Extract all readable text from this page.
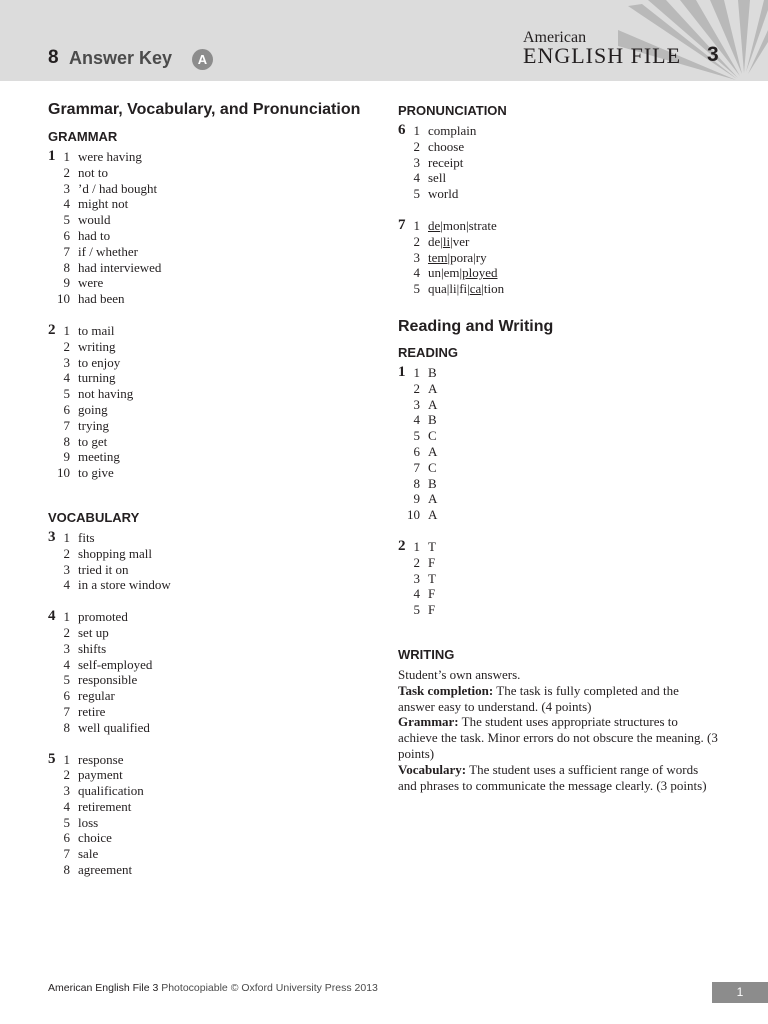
8 Answer Key	A
American
ENGLISH FILE 3
Grammar, Vocabulary, and Pronunciation
GRAMMAR
1 1 were having
2 not to
3 ’d / had bought
4 might not
5 would
6 had to
7 if / whether
8 had interviewed
9 were
10 had been
2 1 to mail
2 writing
3 to enjoy
4 turning
5 not having
6 going
7 trying
8 to get
9 meeting
10 to give
VOCABULARY
3 1 fits
2 shopping mall
3 tried it on
4 in a store window
4 1 promoted
2 set up
3 shifts
4 self-employed
5 responsible
6 regular
7 retire
8 well qualified
5 1 response
2 payment
3 qualification
4 retirement
5 loss
6 choice
7 sale
8 agreement
PRONUNCIATION
6 1 complain
2 choose
3 receipt
4 sell
5 world
7 1 de|mon|strate
2 de|li|ver
3 tem|pora|ry
4 un|em|ployed
5 qua|li|fi|ca|tion
Reading and Writing
READING
1 1 B
2 A
3 A
4 B
5 C
6 A
7 C
8 B
9 A
10 A
2 1 T
2 F
3 T
4 F
5 F
WRITING

Student’s own answers.

Task completion: The task is fully completed and the answer easy to understand. (4 points)

Grammar: The student uses appropriate structures to achieve the task. Minor errors do not obscure the meaning. (3 points)

Vocabulary: The student uses a sufficient range of words and phrases to communicate the message clearly. (3 points)

American English File 3 Photocopiable © Oxford University Press 2013	1
